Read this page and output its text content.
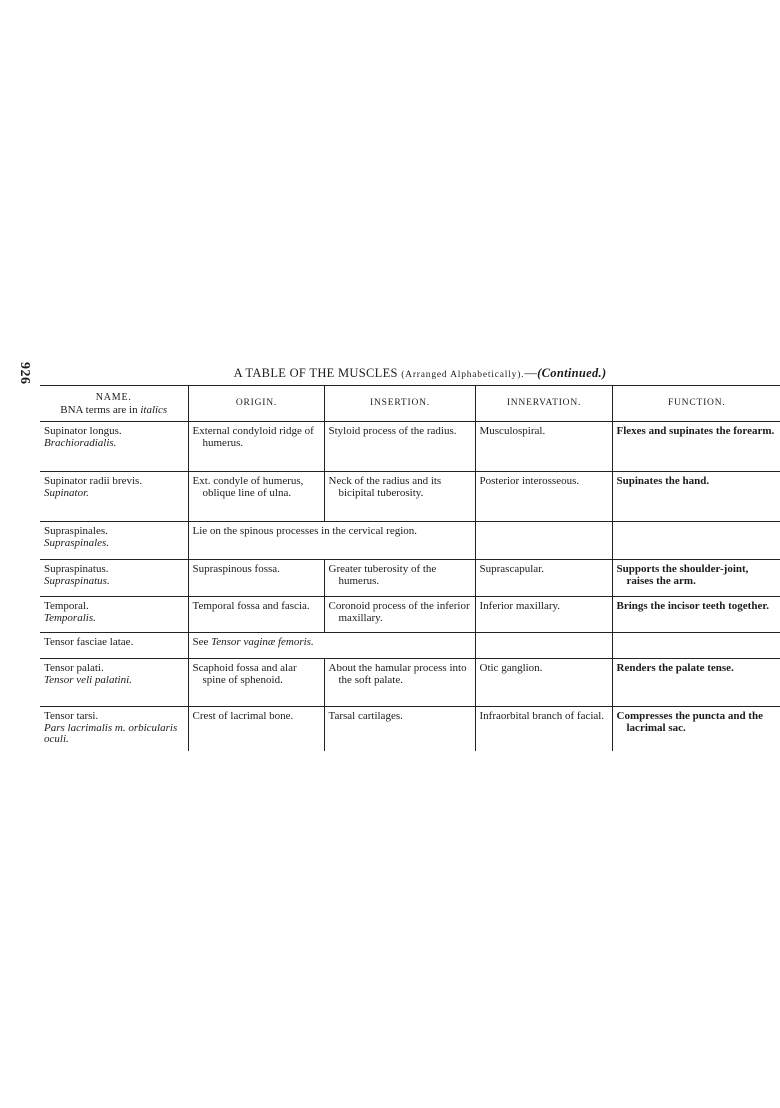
926	A TABLE OF THE MUSCLES (Arranged Alphabetically).—(Continued.)
NAME.
BNA terms are in italics	ORIGIN.	INSERTION.	INNERVATION.	FUNCTION.
Supinator longus.
Brachioradialis.	External condyloid ridge of humerus.	Styloid process of the radius.	Musculospiral.	Flexes and supinates the forearm.

Supinator radii brevis.
Supinator.	Ext. condyle of humerus, oblique line of ulna.	Neck of the radius and its bicipital tuberosity.	Posterior interosseous.	Supinates the hand.

Supraspinales.
Supraspinales.	Lie on the spinous processes in the cervical region.			

Supraspinatus.
Supraspinatus.	Supraspinous fossa.	Greater tuberosity of the humerus.	Suprascapular.	Supports the shoulder-joint, raises the arm.

Temporal.
Temporalis.	Temporal fossa and fascia.	Coronoid process of the inferior maxillary.	Inferior maxillary.	Brings the incisor teeth together.

Tensor fasciae latae.	See Tensor vaginæ femoris.			
Tensor palati.
Tensor veli palatini.	Scaphoid fossa and alar spine of sphenoid.	About the hamular process into the soft palate.	Otic ganglion.	Renders the palate tense.

Tensor tarsi.
Pars lacrimalis m. orbicularis oculi.	Crest of lacrimal bone.	Tarsal cartilages.	Infraorbital branch of facial.	Compresses the puncta and the lacrimal sac.
